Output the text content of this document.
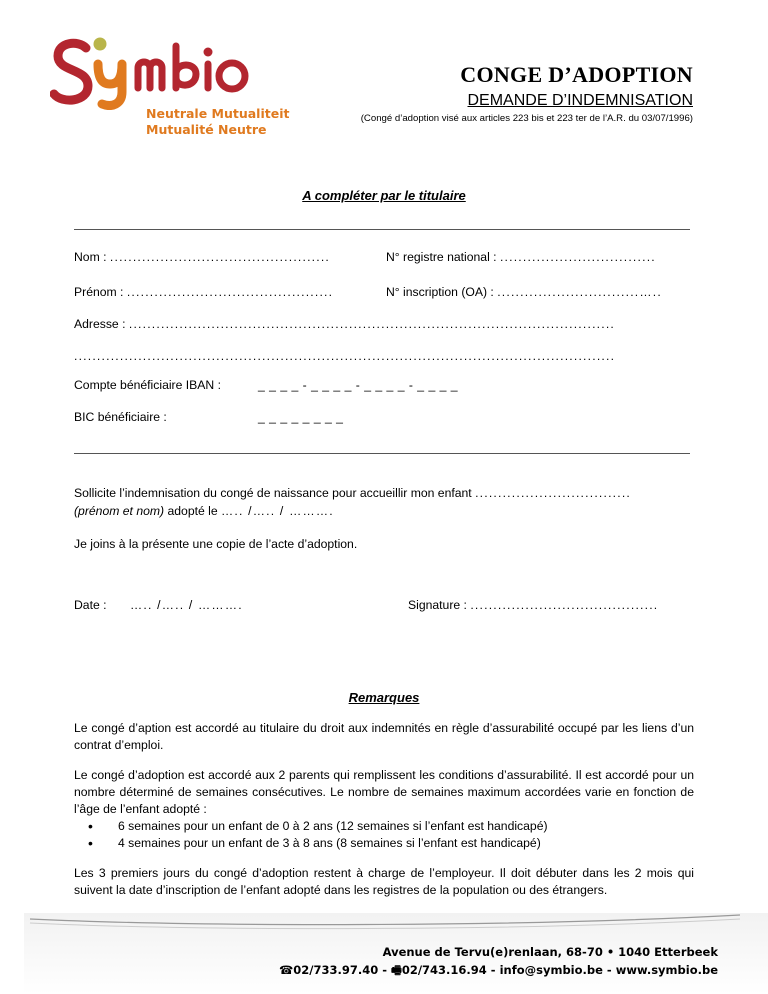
Neutrale Mutualiteit
Mutualité Neutre
CONGE D’ADOPTION
DEMANDE D’INDEMNISATION
(Congé d’adoption visé aux articles 223 bis et 223 ter de l’A.R. du 03/07/1996)
A compléter par le titulaire
Nom : ................................................	N° registre national : ..................................
Prénom : .............................................	N° inscription (OA) : ...............................…..
Adresse : ..........................................................................................................
......................................................................................................................
Compte bénéficiaire IBAN :	_ _ _ _ - _ _ _ _ - _ _ _ _ - _ _ _ _
BIC bénéficiaire :	_ _ _ _ _ _ _ _
Sollicite l’indemnisation du congé de naissance pour accueillir mon enfant ..................................
(prénom et nom) adopté le ….. /….. / ……….
Je joins à la présente une copie de l’acte d’adoption.
Date : ….. /….. / ……….	Signature : .........................................
Remarques

Le congé d’aption est accordé au titulaire du droit aux indemnités en règle d’assurabilité occupé par les liens d’un contrat d’emploi.

Le congé d’adoption est accordé aux 2 parents qui remplissent les conditions d’assurabilité. Il est accordé pour un nombre déterminé de semaines consécutives. Le nombre de semaines maximum accordées varie en fonction de l’âge de l’enfant adopté :

• 6 semaines pour un enfant de 0 à 2 ans (12 semaines si l’enfant est handicapé)
• 4 semaines pour un enfant de 3 à 8 ans (8 semaines si l’enfant est handicapé)

Les 3 premiers jours du congé d’adoption restent à charge de l’employeur. Il doit débuter dans les 2 mois qui suivent la date d’inscription de l’enfant adopté dans les registres de la population ou des étrangers.

Avenue de Tervu(e)renlaan, 68-70 • 1040 Etterbeek
☎02/733.97.40 - 🖷02/743.16.94 - info@symbio.be - www.symbio.be
